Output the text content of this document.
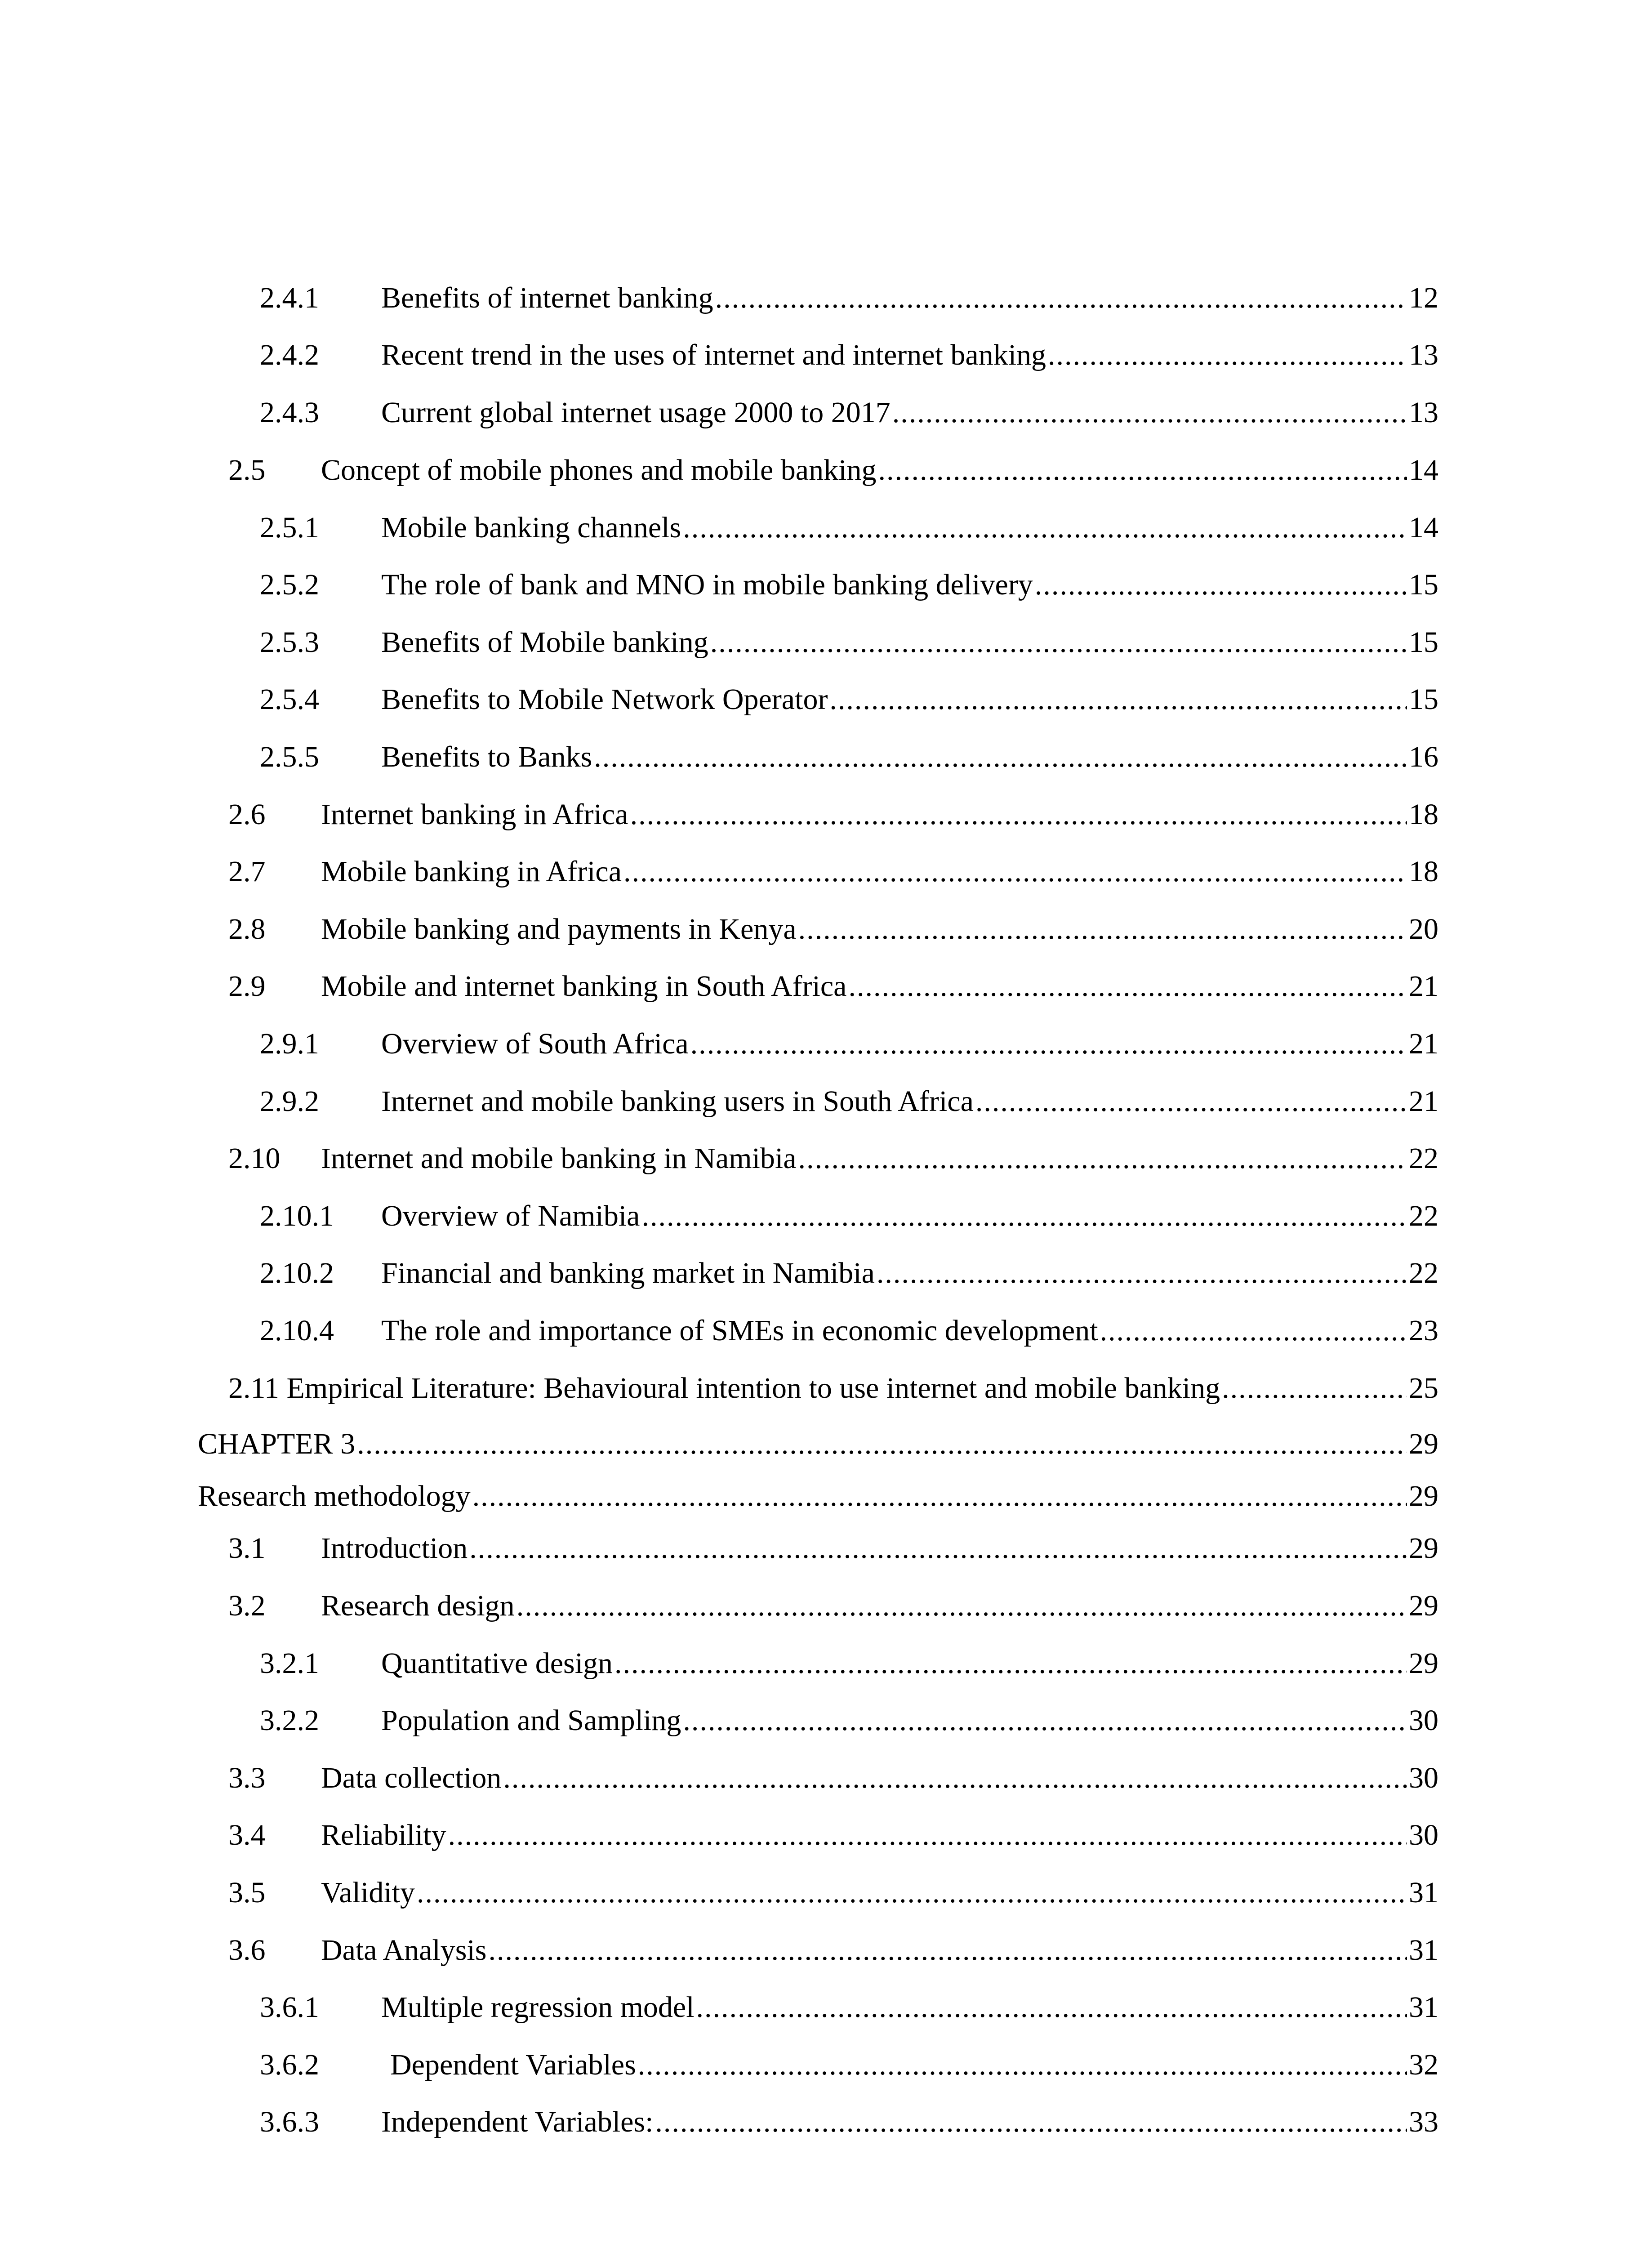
2.4.1 Benefits of internet banking .....	12
2.4.2 Recent trend in the uses of internet and internet banking .....	13
2.4.3 Current global internet usage 2000 to 2017 .....	13
2.5 Concept of mobile phones and mobile banking .....	14
2.5.1 Mobile banking channels .....	14
2.5.2 The role of bank and MNO in mobile banking delivery .....	15
2.5.3 Benefits of Mobile banking .....	15
2.5.4 Benefits to Mobile Network Operator .....	15
2.5.5 Benefits to Banks .....	16
2.6 Internet banking in Africa .....	18
2.7 Mobile banking in Africa .....	18
2.8 Mobile banking and payments in Kenya .....	20
2.9 Mobile and internet banking in South Africa .....	21
2.9.1 Overview of South Africa .....	21
2.9.2 Internet and mobile banking users in South Africa .....	21
2.10 Internet and mobile banking in Namibia .....	22
2.10.1 Overview of Namibia .....	22
2.10.2 Financial and banking market in Namibia .....	22
2.10.4 The role and importance of SMEs in economic development .....	23
2.11 Empirical Literature: Behavioural intention to use internet and mobile banking .....	25
CHAPTER 3 .....	29
Research methodology .....	29
3.1 Introduction .....	29
3.2 Research design .....	29
3.2.1 Quantitative design .....	29
3.2.2 Population and Sampling .....	30
3.3 Data collection .....	30
3.4 Reliability .....	30
3.5 Validity .....	31
3.6 Data Analysis .....	31
3.6.1 Multiple regression model .....	31
3.6.2	Dependent Variables .....	32
3.6.3 Independent Variables: .....	33
